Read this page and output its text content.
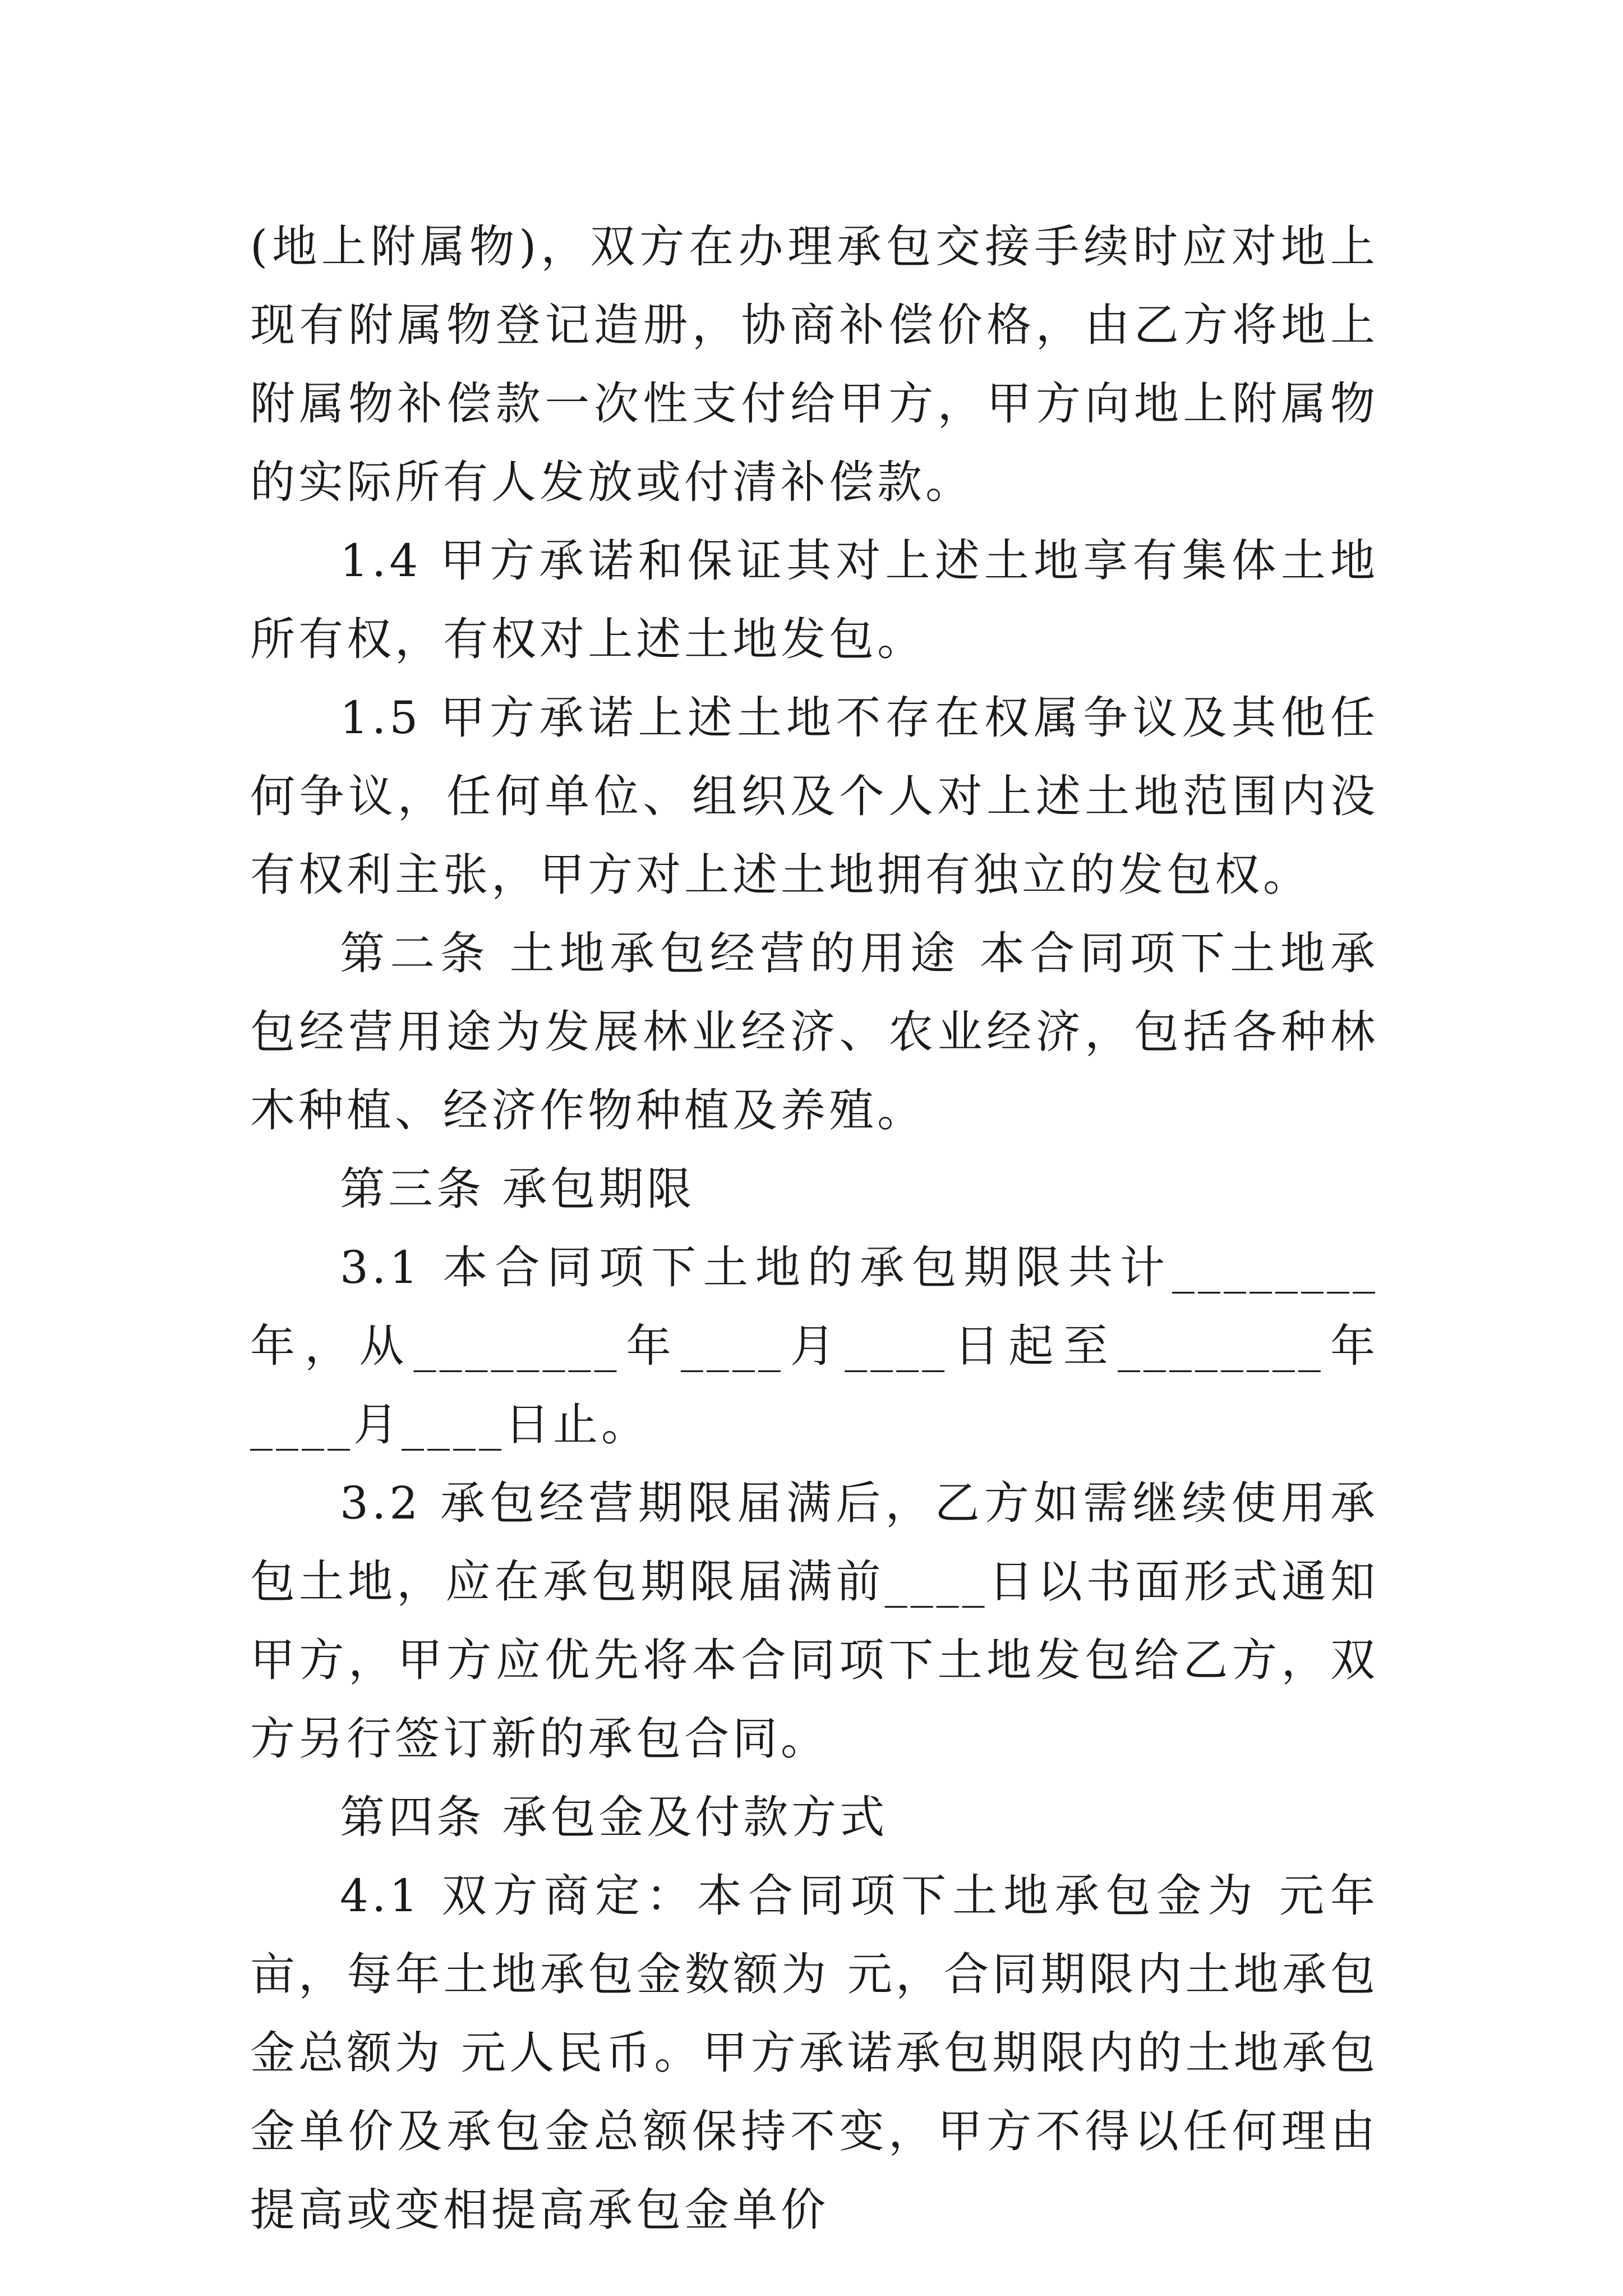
(地上附属物)，双方在办理承包交接手续时应对地上现有附属物登记造册，协商补偿价格，由乙方将地上附属物补偿款一次性支付给甲方，甲方向地上附属物的实际所有人发放或付清补偿款。

1.4 甲方承诺和保证其对上述土地享有集体土地所有权，有权对上述土地发包。

1.5 甲方承诺上述土地不存在权属争议及其他任何争议，任何单位、组织及个人对上述土地范围内没有权利主张，甲方对上述土地拥有独立的发包权。

第二条 土地承包经营的用途 本合同项下土地承包经营用途为发展林业经济、农业经济，包括各种林木种植、经济作物种植及养殖。

第三条 承包期限

3.1 本合同项下土地的承包期限共计________年，从________年____月____日起至________年____月____日止。

3.2 承包经营期限届满后，乙方如需继续使用承包土地，应在承包期限届满前____日以书面形式通知甲方，甲方应优先将本合同项下土地发包给乙方，双方另行签订新的承包合同。

第四条 承包金及付款方式

4.1 双方商定：本合同项下土地承包金为 元年亩，每年土地承包金数额为 元，合同期限内土地承包金总额为 元人民币。甲方承诺承包期限内的土地承包金单价及承包金总额保持不变，甲方不得以任何理由提高或变相提高承包金单价
